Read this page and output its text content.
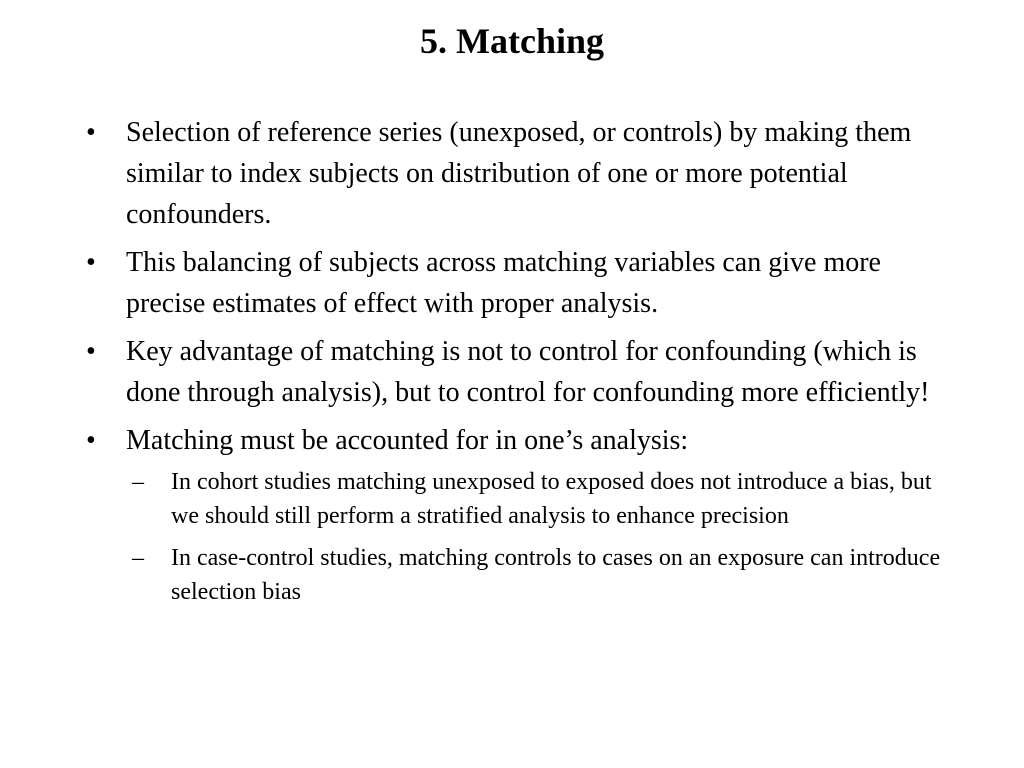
5. Matching
•	Selection of reference series (unexposed, or controls) by making them similar to index subjects on distribution of one or more potential confounders.
•	This balancing of subjects across matching variables can give more precise estimates of effect with proper analysis.
•	Key advantage of matching is not to control for confounding (which is done through analysis), but to control for confounding more efficiently!
•	Matching must be accounted for in one’s analysis:
– In cohort studies matching unexposed to exposed does not introduce a bias, but we should still perform a stratified analysis to enhance precision
– In case-control studies, matching controls to cases on an exposure can introduce selection bias
